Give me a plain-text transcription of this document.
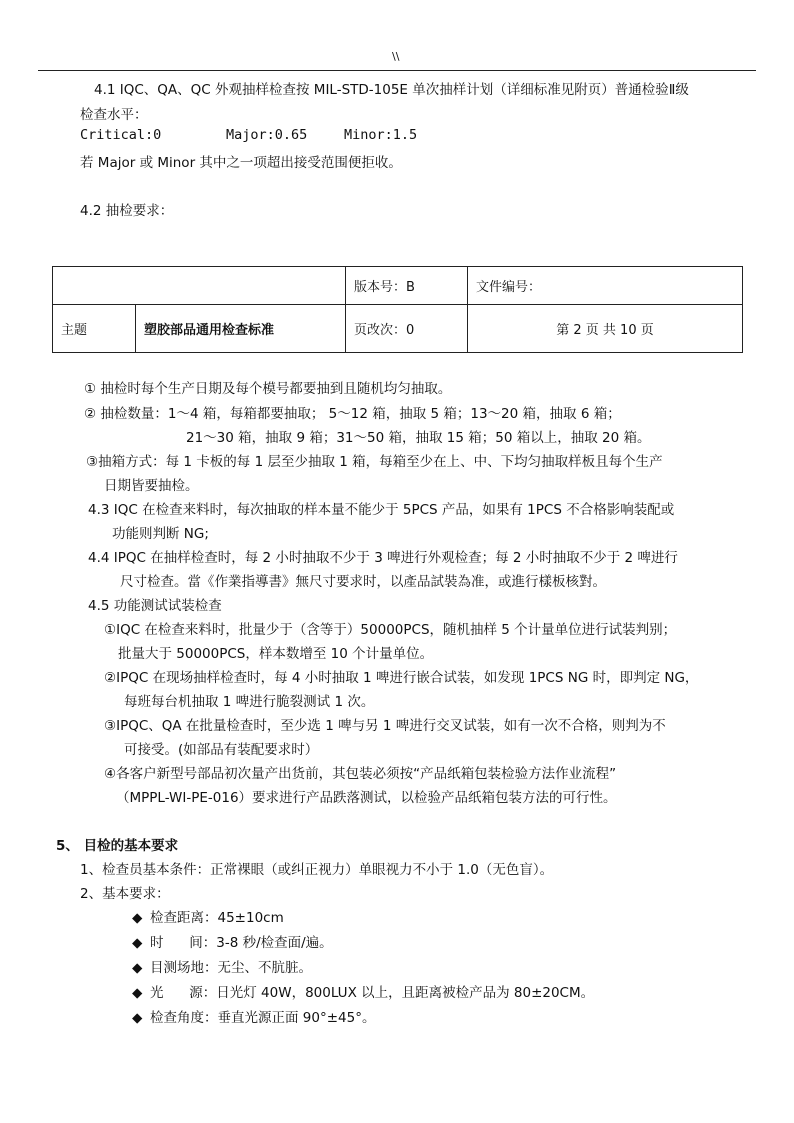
\\
4.1 IQC、QA、QC 外观抽样检查按 MIL-STD-105E 单次抽样计划（详细标准见附页）普通检验Ⅱ级
检查水平：
Critical:0	Major:0.65	Minor:1.5
若 Major 或 Minor 其中之一项超出接受范围便拒收。
4.2 抽检要求：
		版本号：B	文件编号：
主题	塑胶部品通用检查标准	页改次：0	第 2 页 共 10 页
① 抽检时每个生产日期及每个模号都要抽到且随机均匀抽取。
② 抽检数量：1～4 箱，每箱都要抽取； 5～12 箱，抽取 5 箱；13～20 箱，抽取 6 箱；
21～30 箱，抽取 9 箱；31～50 箱，抽取 15 箱；50 箱以上，抽取 20 箱。
③抽箱方式：每 1 卡板的每 1 层至少抽取 1 箱，每箱至少在上、中、下均匀抽取样板且每个生产
日期皆要抽检。
4.3 IQC 在检查来料时，每次抽取的样本量不能少于 5PCS 产品，如果有 1PCS 不合格影响装配或
功能则判断 NG;
4.4 IPQC 在抽样检查时，每 2 小时抽取不少于 3 啤进行外观检查；每 2 小时抽取不少于 2 啤进行
尺寸检查。當《作業指導書》無尺寸要求时，以產品試裝為准，或進行樣板核對。
4.5 功能测试试装检查
①IQC 在检查来料时，批量少于（含等于）50000PCS，随机抽样 5 个计量单位进行试装判别；
批量大于 50000PCS，样本数增至 10 个计量单位。
②IPQC 在现场抽样检查时，每 4 小时抽取 1 啤进行嵌合试装，如发现 1PCS NG 时，即判定 NG，
每班每台机抽取 1 啤进行脆裂测试 1 次。
③IPQC、QA 在批量检查时，至少选 1 啤与另 1 啤进行交叉试装，如有一次不合格，则判为不
可接受。(如部品有装配要求时）
④各客户新型号部品初次量产出货前，其包装必须按“产品纸箱包装检验方法作业流程”
（MPPL-WI-PE-016）要求进行产品跌落测试，以检验产品纸箱包装方法的可行性。
5、 目检的基本要求
1、检查员基本条件：正常裸眼（或纠正视力）单眼视力不小于 1.0（无色盲）。
2、基本要求：
◆ 检查距离：45±10cm
◆ 时      间：3-8 秒/检查面/遍。
◆ 目测场地：无尘、不肮脏。
◆ 光      源：日光灯 40W，800LUX 以上，且距离被检产品为 80±20CM。
◆ 检查角度：垂直光源正面 90°±45°。
